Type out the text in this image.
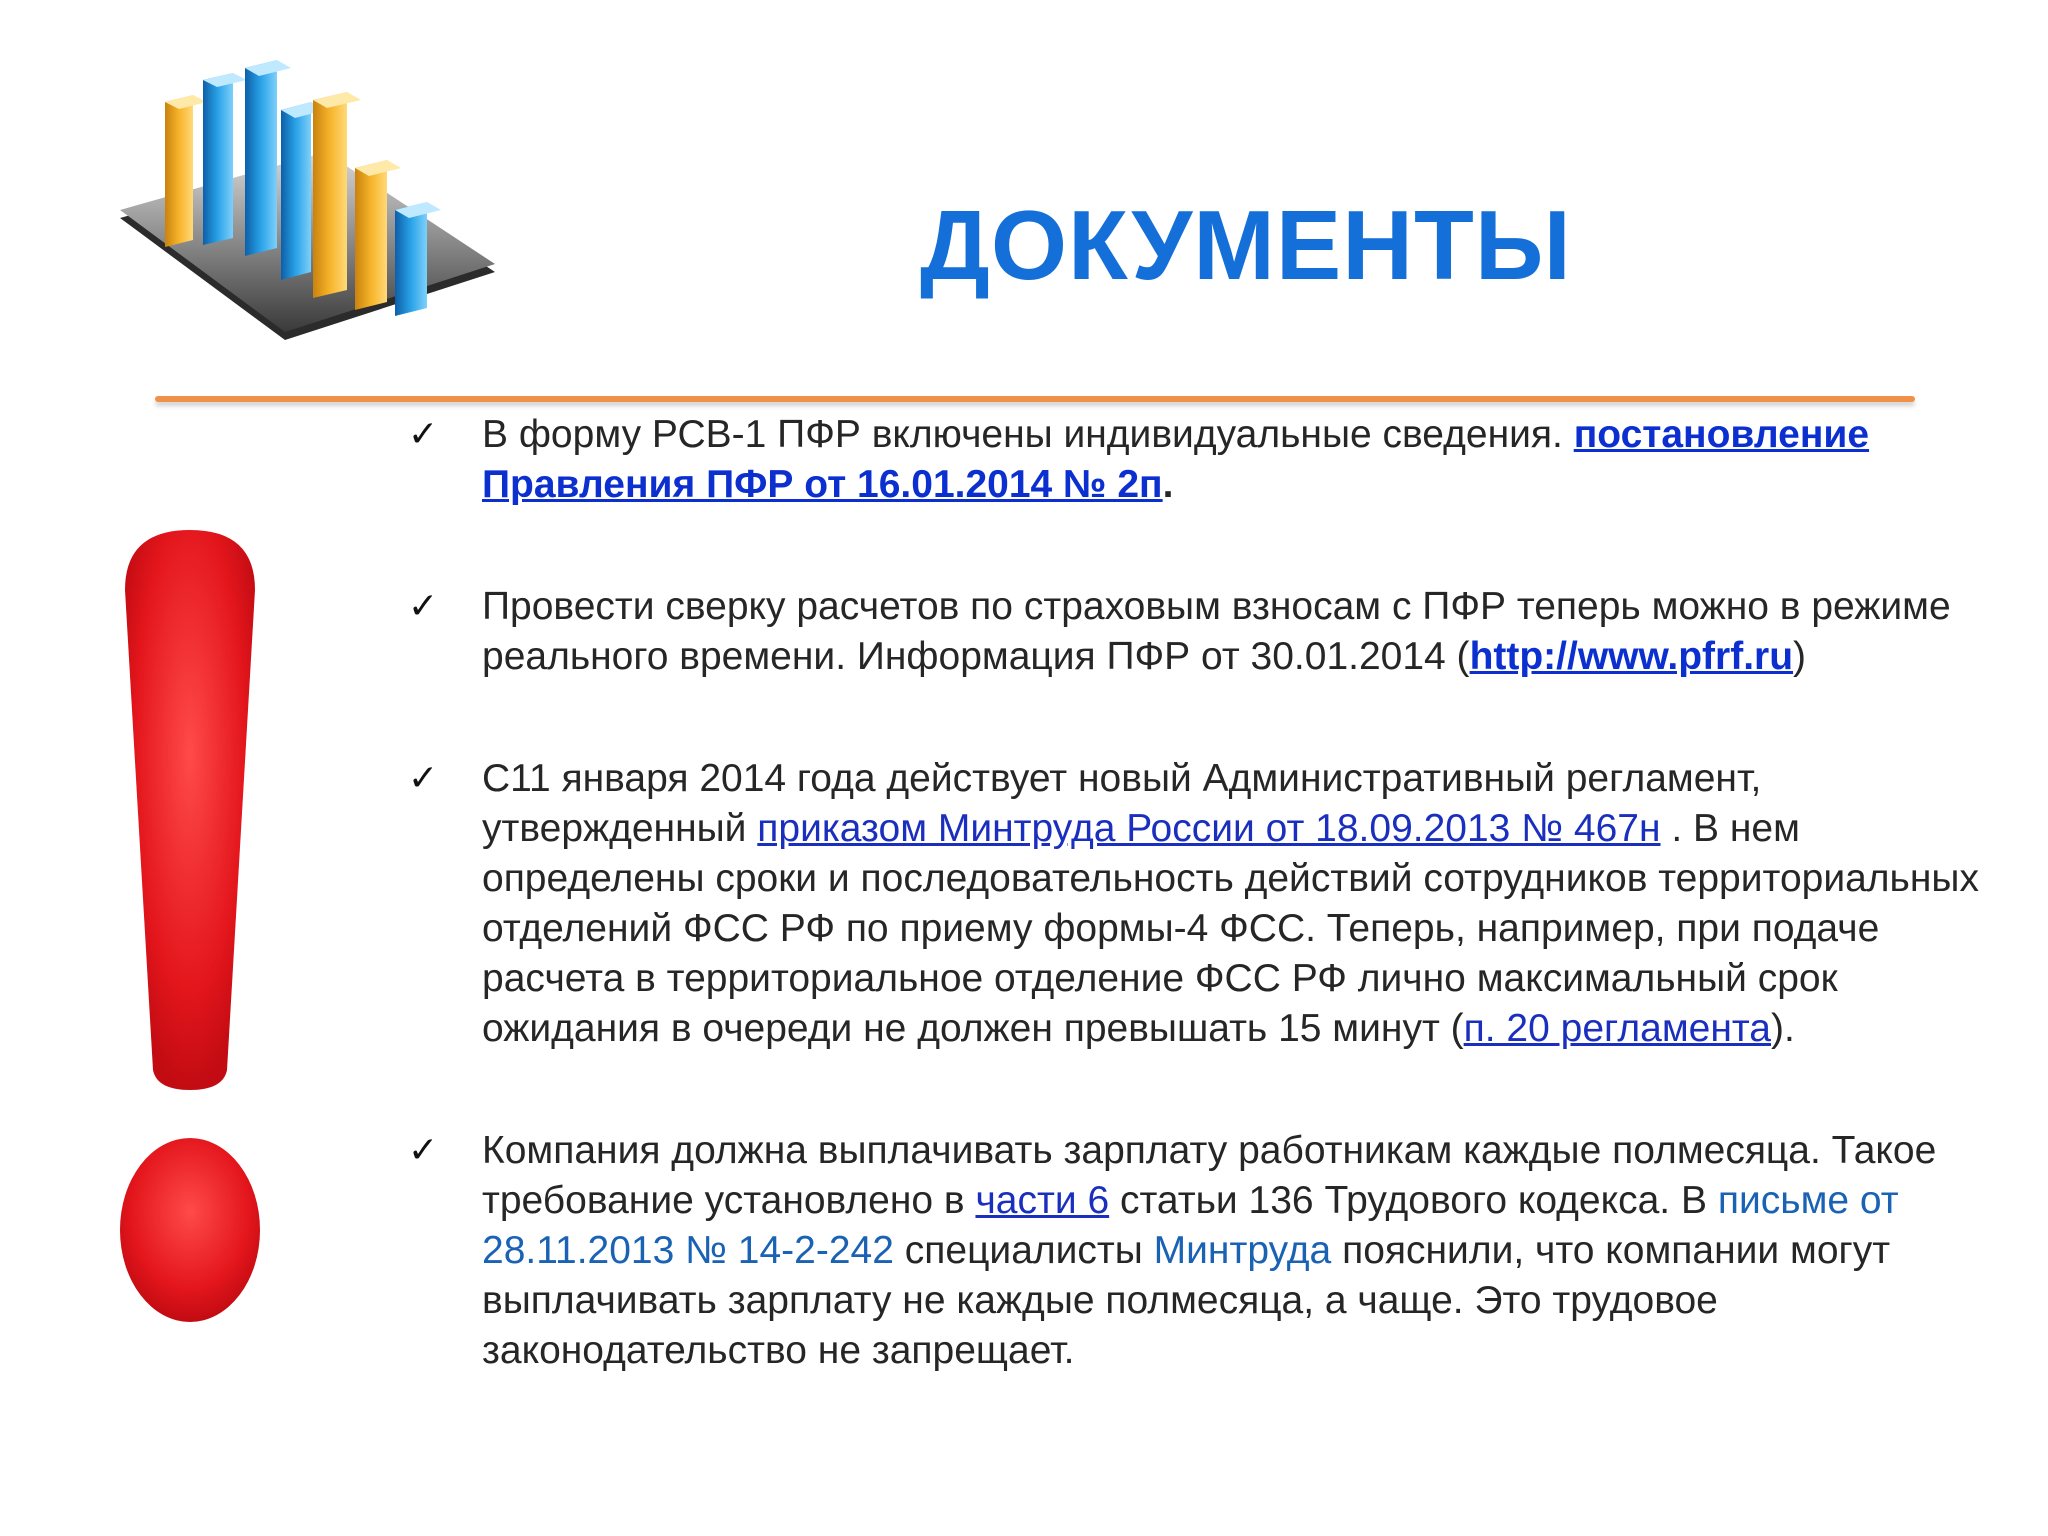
ДОКУМЕНТЫ

✓ В форму РСВ-1 ПФР включены индивидуальные сведения. постановление Правления ПФР от 16.01.2014 № 2п.

✓ Провести сверку расчетов по страховым взносам с ПФР теперь можно в режиме реального времени. Информация ПФР от 30.01.2014 (http://www.pfrf.ru)

✓ С11 января 2014 года действует новый Административный регламент, утвержденный приказом Минтруда России от 18.09.2013 № 467н . В нем определены сроки и последовательность действий сотрудников территориальных отделений ФСС РФ по приему формы-4 ФСС. Теперь, например, при подаче расчета в территориальное отделение ФСС РФ лично максимальный срок ожидания в очереди не должен превышать 15 минут (п. 20 регламента).

✓ Компания должна выплачивать зарплату работникам каждые полмесяца. Такое требование установлено в части 6 статьи 136 Трудового кодекса. В письме от 28.11.2013 № 14-2-242 специалисты Минтруда пояснили, что компании могут выплачивать зарплату не каждые полмесяца, а чаще. Это трудовое законодательство не запрещает.
